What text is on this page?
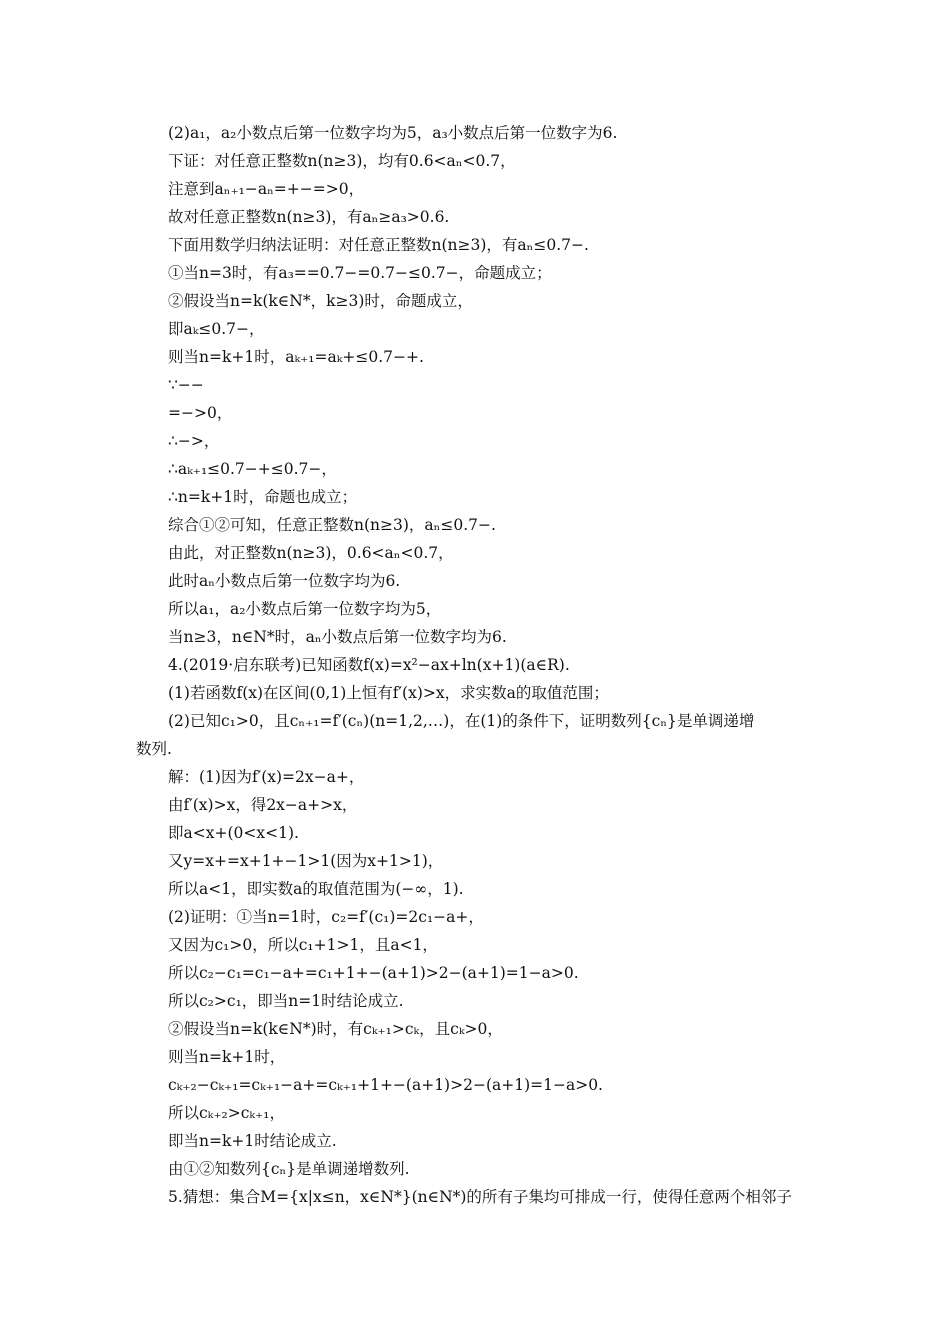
(2)a₁，a₂小数点后第一位数字均为5，a₃小数点后第一位数字为6.
下证：对任意正整数n(n≥3)，均有0.6<aₙ<0.7，
注意到aₙ₊₁−aₙ=+−=>0，
故对任意正整数n(n≥3)，有aₙ≥a₃>0.6.
下面用数学归纳法证明：对任意正整数n(n≥3)，有aₙ≤0.7−.
①当n=3时，有a₃==0.7−=0.7−≤0.7−，命题成立；
②假设当n=k(k∈N*，k≥3)时，命题成立，
即aₖ≤0.7−，
则当n=k+1时，aₖ₊₁=aₖ+≤0.7−+.
∵−−
=−>0，
∴−>，
∴aₖ₊₁≤0.7−+≤0.7−，
∴n=k+1时，命题也成立；
综合①②可知，任意正整数n(n≥3)，aₙ≤0.7−.
由此，对正整数n(n≥3)，0.6<aₙ<0.7，
此时aₙ小数点后第一位数字均为6.
所以a₁，a₂小数点后第一位数字均为5，
当n≥3，n∈N*时，aₙ小数点后第一位数字均为6.
4.(2019·启东联考)已知函数f(x)=x²−ax+ln(x+1)(a∈R).
(1)若函数f(x)在区间(0,1)上恒有f′(x)>x，求实数a的取值范围；
(2)已知c₁>0，且cₙ₊₁=f′(cₙ)(n=1,2,…)，在(1)的条件下，证明数列{cₙ}是单调递增
数列.
解：(1)因为f′(x)=2x−a+，
由f′(x)>x，得2x−a+>x，
即a<x+(0<x<1).
又y=x+=x+1+−1>1(因为x+1>1)，
所以a<1，即实数a的取值范围为(−∞，1).
(2)证明：①当n=1时，c₂=f′(c₁)=2c₁−a+，
又因为c₁>0，所以c₁+1>1，且a<1，
所以c₂−c₁=c₁−a+=c₁+1+−(a+1)>2−(a+1)=1−a>0.
所以c₂>c₁，即当n=1时结论成立.
②假设当n=k(k∈N*)时，有cₖ₊₁>cₖ，且cₖ>0，
则当n=k+1时，
cₖ₊₂−cₖ₊₁=cₖ₊₁−a+=cₖ₊₁+1+−(a+1)>2−(a+1)=1−a>0.
所以cₖ₊₂>cₖ₊₁，
即当n=k+1时结论成立.
由①②知数列{cₙ}是单调递增数列.
5.猜想：集合M={x|x≤n，x∈N*}(n∈N*)的所有子集均可排成一行，使得任意两个相邻子
